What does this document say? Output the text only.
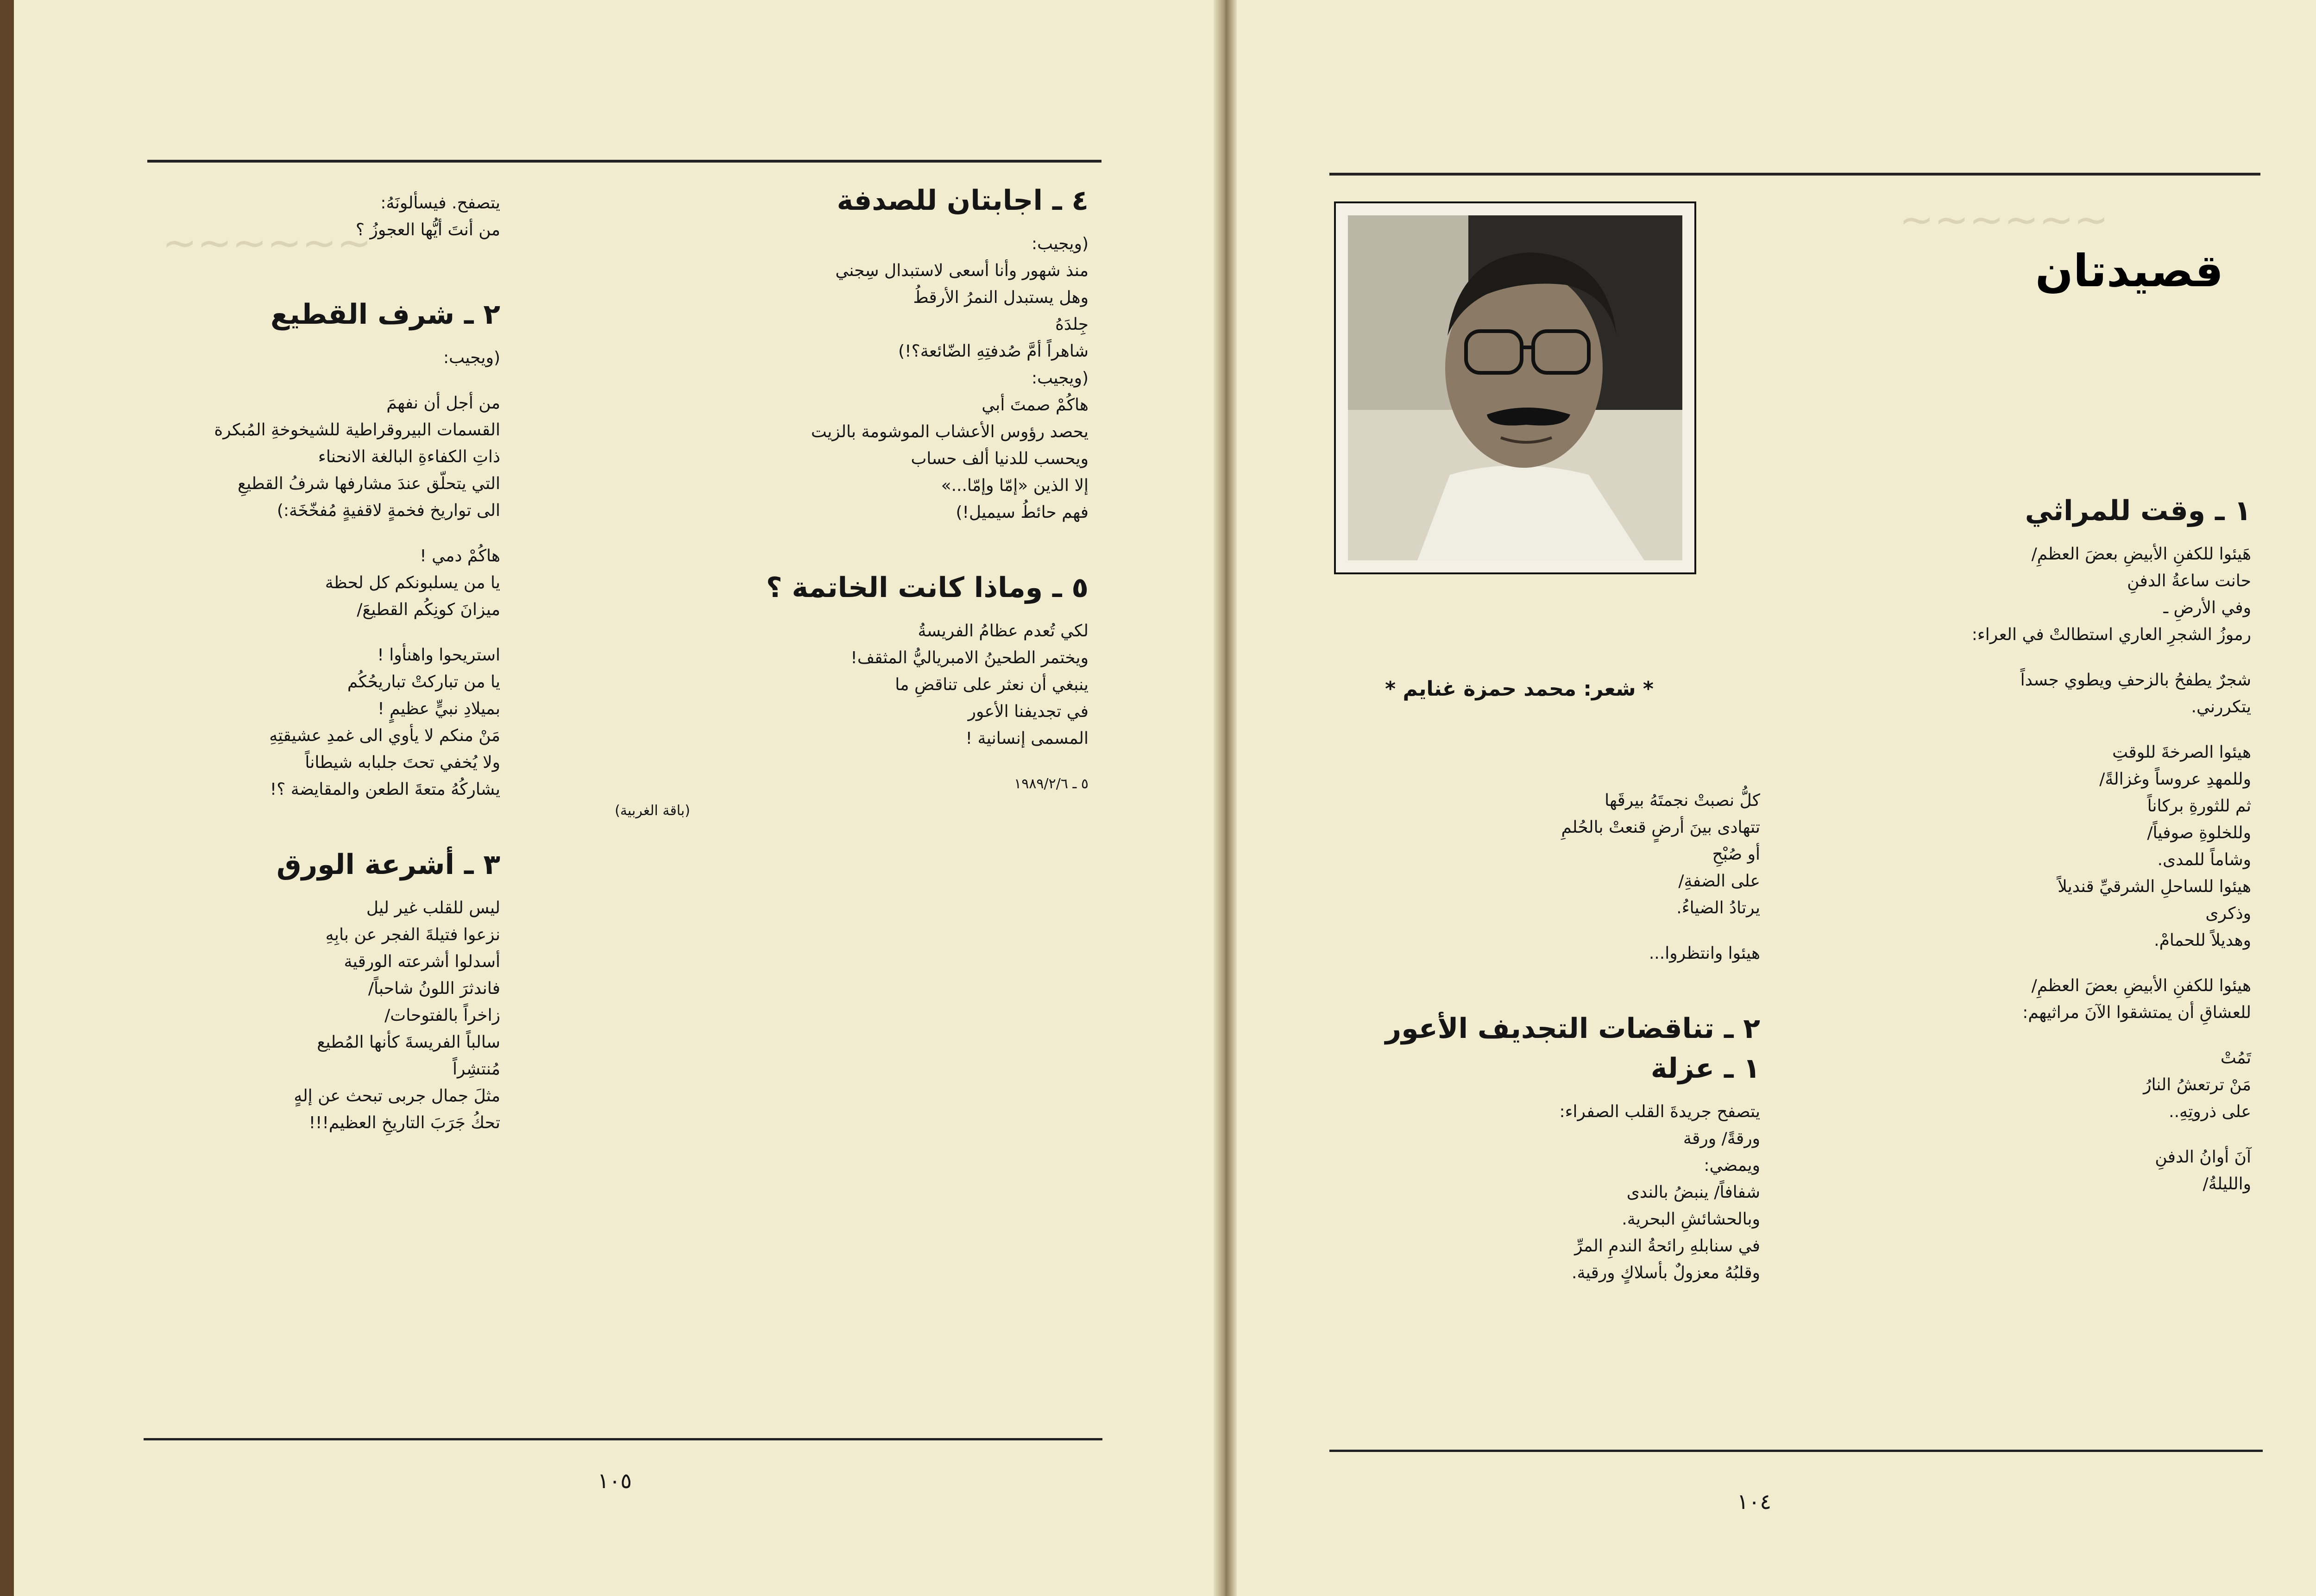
~~~~~~	~~~~~~
٤ ـ اجابتان للصدفة
(ويجيب:
منذ شهور وأنا أسعى لاستبدال سِجني
وهل يستبدل النمرُ الأرقطُ
جِلدَهُ
شاهراً أمَّ صُدفتِهِ الضّائعة؟!)
(ويجيب:
هاكُمْ صمتَ أبي
يحصد رؤوس الأعشاب الموشومة بالزيت
ويحسب للدنيا ألف حساب
إلا الذين «إمّا وإمّا...»
فهم حائطُ سيميل!)
٥ ـ وماذا كانت الخاتمة ؟
لكي تُعدم عظامُ الفريسةُ
ويختمر الطحينُ الامبرياليُّ المثقف!
ينبغي أن نعثر على تناقضِ ما
في تجديفنا الأعور
المسمى إنسانية !
٥ ـ ١٩٨٩/٢/٦
(باقة الغربية)
يتصفح. فيسألونَهُ:
من أنتَ أيُّها العجوزُ ؟
٢ ـ شرف القطيع
(ويجيب:
من أجل أن نفهمَ
القسمات البيروقراطية للشيخوخةِ المُبكرة
ذاتِ الكفاءةِ البالغة الانحناء
التي يتحلّق عندَ مشارفها شرفُ القطيعِ
الى تواريخ فخمةٍ لاقفيةٍ مُفخّخَة:)
هاكُمْ دمي !
يا من يسلبونكم كل لحظة
ميزانَ كونِكُم القطيعَ/
استريحوا واهنأوا !
يا من تباركتْ تباريحُكُم
بميلادِ نبيٍّ عظيمٍ !
مَنْ منكم لا يأوي الى غمدِ عشيقتِهِ
ولا يُخفي تحتَ جلبابه شيطاناً
يشاركُهُ متعةَ الطعن والمقايضة ؟!
٣ ـ أشرعة الورق
ليس للقلب غير ليل
نزعوا فتيلةَ الفجر عن بابِهِ
أسدلوا أشرعته الورقية
فاندثرَ اللونُ شاحباً/
زاخراً بالفتوحات/
سالباً الفريسةَ كأنها المُطيع
مُنتشِراً
مثلَ جمال جربى تبحث عن إلهٍ
تحكُ جَرَبَ التاريخِ العظيم!!!
١٠٥
قصيدتان
* شعر: محمد حمزة غنايم *
١ ـ وقت للمراثي
هَيئوا للكفنِ الأبيضِ بعضَ العظمِ/
حانت ساعةُ الدفنِ
وفي الأرضِ ـ
رموزُ الشجرِ العاري استطالتْ في العراء:
شجرٌ يطفحُ بالزحفِ ويطوي جسداً
يتكررني.
هيئوا الصرخةَ للوقتِ
وللمهدِ عروساً وغزالةً/
ثم للثورةِ بركاناً
وللخلوةِ صوفياً/
وشاماً للمدى.
هيئوا للساحلِ الشرقيِّ قنديلاً
وذكرى
وهديلاً للحمامْ.
هيئوا للكفنِ الأبيضِ بعضَ العظمِ/
للعشاقِ أن يمتشقوا الآنَ مراثيهم:
تَمُتْ
مَنْ ترتعشُ النارُ
على ذروتِهِ..
آنَ أوانُ الدفنِ
والليلةُ/
كلُّ نصبتْ نجمتَهُ بيرقَها
تتهادى بينَ أرضٍ قنعتْ بالحُلمِ
أو صُبْحِ
على الضفةِ/
يرتادُ الضياءُ.
هيئوا وانتظروا...
٢ ـ تناقضات التجديف الأعور
١ ـ عزلة
يتصفح جريدةَ القلب الصفراء:
ورقةً/ ورقة
ويمضي:
شفافاً/ ينبضُ بالندى
وبالحشائشِ البحرية.
في سنابلهِ رائحةُ الندمِ المرِّ
وقلبُهُ معزولٌ بأسلاكٍ ورقية.
١٠٤
